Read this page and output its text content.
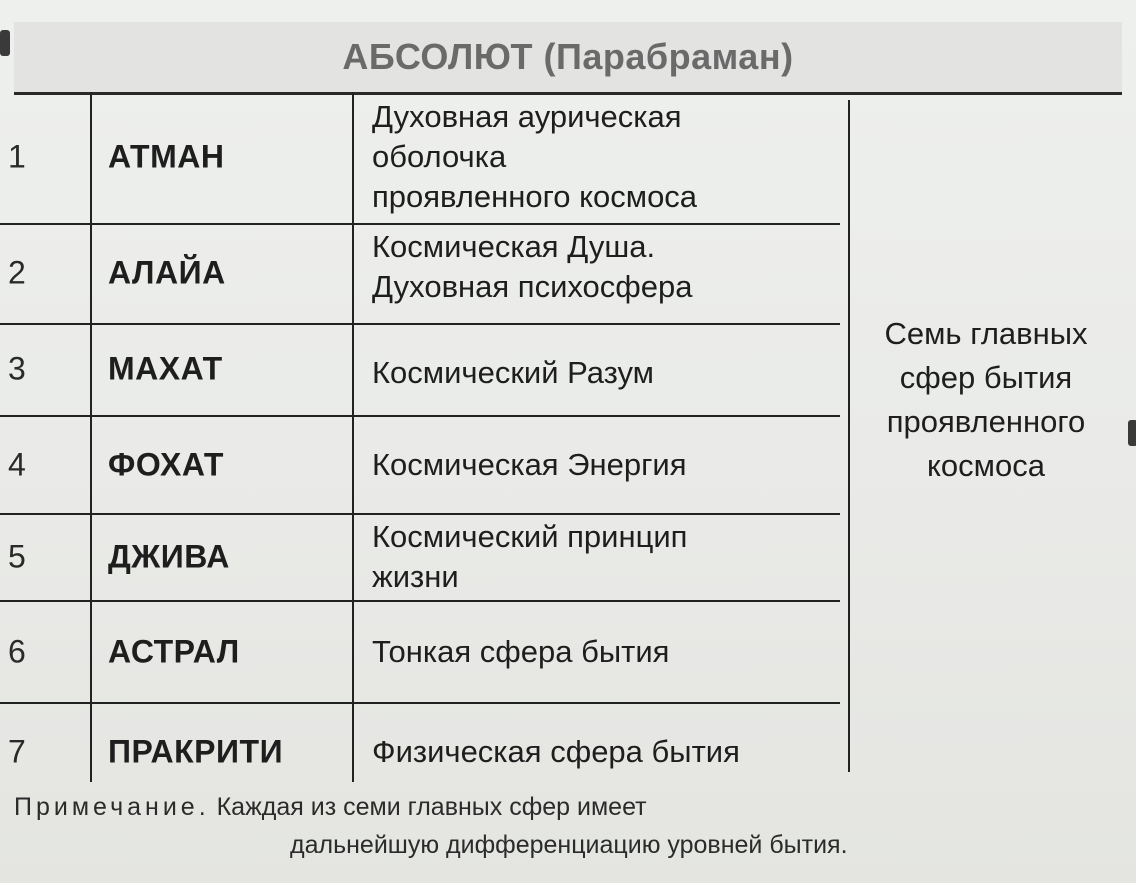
АБСОЛЮТ (Парабраман)
1	АТМАН
Духовная аурическая
оболочка
проявленного космоса
2	АЛАЙА
Космическая Душа.
Духовная психосфера
3	МАХАТ	Космический Разум
4	ФОХАТ	Космическая Энергия
5	ДЖИВА
Космический принцип
жизни
6	АСТРАЛ	Тонкая сфера бытия
7	ПРАКРИТИ	Физическая сфера бытия
Семь главных
сфер бытия
проявленного
космоса
Примечание. Каждая из семи главных сфер имеет
дальнейшую дифференциацию уровней бытия.
